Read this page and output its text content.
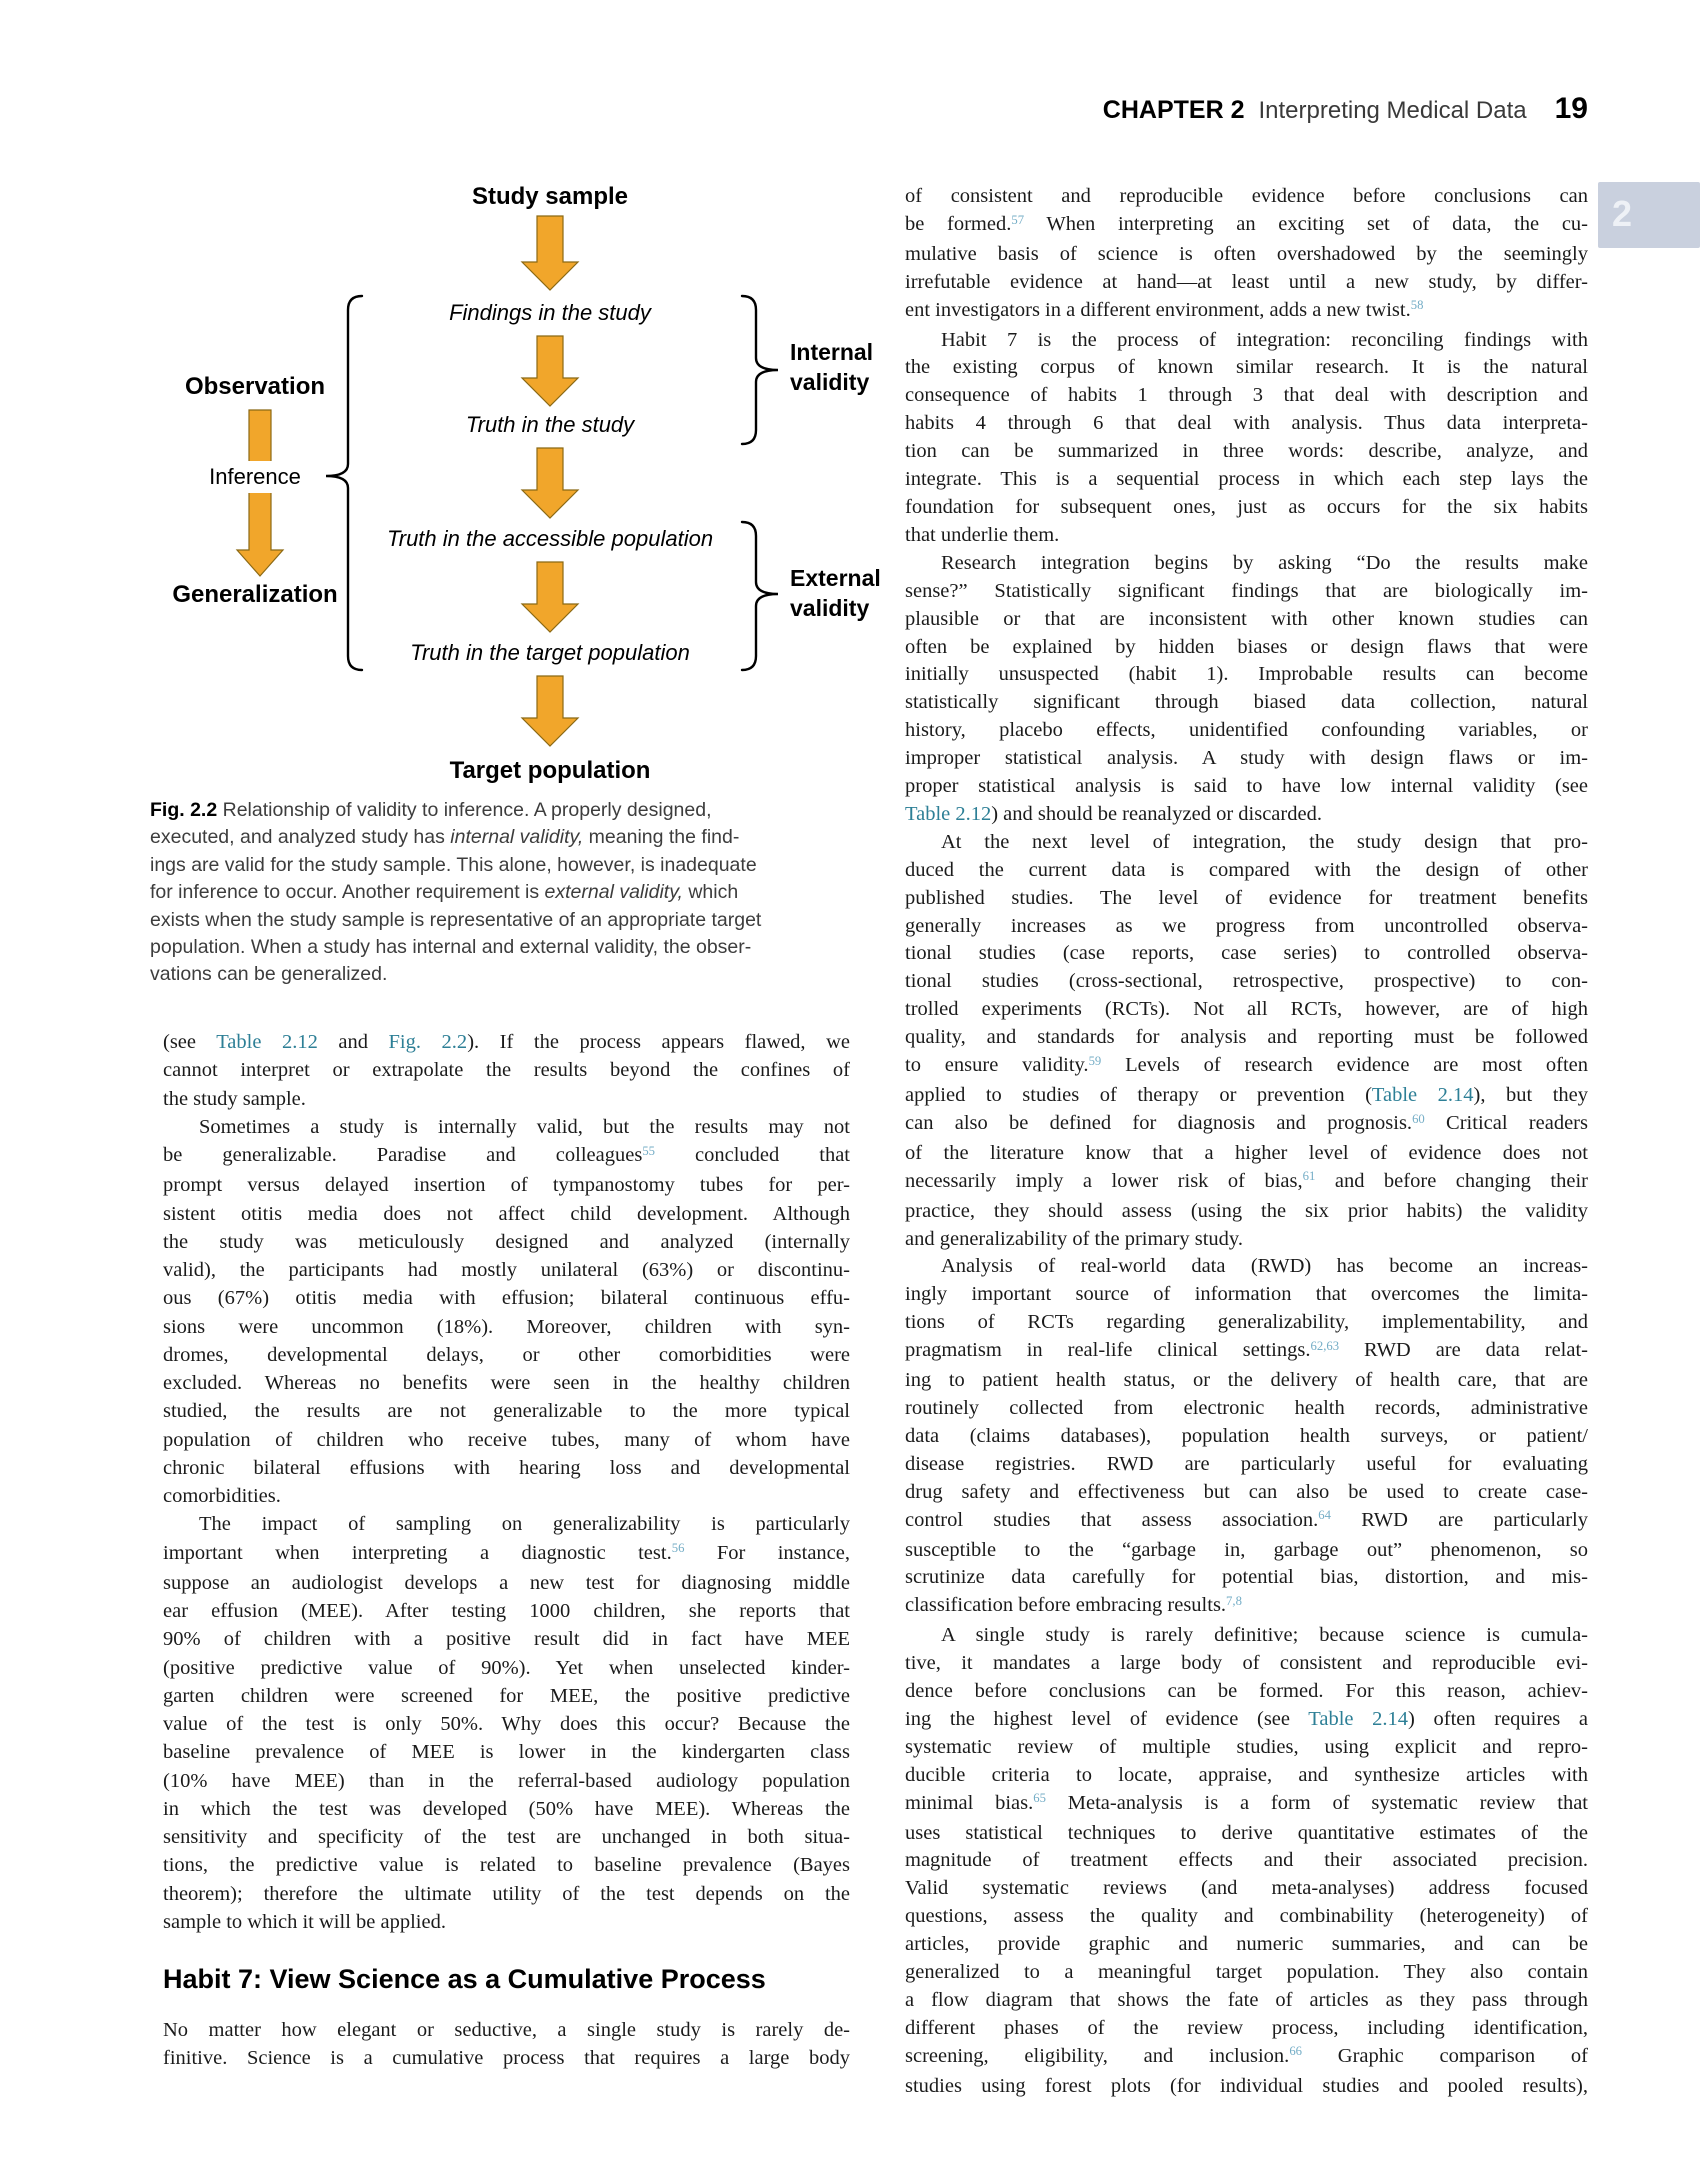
CHAPTER 2 Interpreting Medical Data 19
2
Study sample
Findings in the study
Truth in the study
Truth in the accessible population
Truth in the target population
Target population
Observation
Inference
Generalization
Internal
validity
External
validity
Fig. 2.2 Relationship of validity to inference. A properly designed,
executed, and analyzed study has internal validity, meaning the find-
ings are valid for the study sample. This alone, however, is inadequate
for inference to occur. Another requirement is external validity, which
exists when the study sample is representative of an appropriate target
population. When a study has internal and external validity, the obser-
vations can be generalized.
(see Table 2.12 and Fig. 2.2). If the process appears flawed, we
cannot interpret or extrapolate the results beyond the confines of
the study sample.
Sometimes a study is internally valid, but the results may not
be generalizable. Paradise and colleagues$^{55}$ concluded that
prompt versus delayed insertion of tympanostomy tubes for per-
sistent otitis media does not affect child development. Although
the study was meticulously designed and analyzed (internally
valid), the participants had mostly unilateral (63%) or discontinu-
ous (67%) otitis media with effusion; bilateral continuous effu-
sions were uncommon (18%). Moreover, children with syn-
dromes, developmental delays, or other comorbidities were
excluded. Whereas no benefits were seen in the healthy children
studied, the results are not generalizable to the more typical
population of children who receive tubes, many of whom have
chronic bilateral effusions with hearing loss and developmental
comorbidities.
The impact of sampling on generalizability is particularly
important when interpreting a diagnostic test.$^{56}$ For instance,
suppose an audiologist develops a new test for diagnosing middle
ear effusion (MEE). After testing 1000 children, she reports that
90% of children with a positive result did in fact have MEE
(positive predictive value of 90%). Yet when unselected kinder-
garten children were screened for MEE, the positive predictive
value of the test is only 50%. Why does this occur? Because the
baseline prevalence of MEE is lower in the kindergarten class
(10% have MEE) than in the referral-based audiology population
in which the test was developed (50% have MEE). Whereas the
sensitivity and specificity of the test are unchanged in both situa-
tions, the predictive value is related to baseline prevalence (Bayes
theorem); therefore the ultimate utility of the test depends on the
sample to which it will be applied.
Habit 7: View Science as a Cumulative Process
No matter how elegant or seductive, a single study is rarely de-
finitive. Science is a cumulative process that requires a large body
of consistent and reproducible evidence before conclusions can
be formed.$^{57}$ When interpreting an exciting set of data, the cu-
mulative basis of science is often overshadowed by the seemingly
irrefutable evidence at hand—at least until a new study, by differ-
ent investigators in a different environment, adds a new twist.$^{58}$
Habit 7 is the process of integration: reconciling findings with
the existing corpus of known similar research. It is the natural
consequence of habits 1 through 3 that deal with description and
habits 4 through 6 that deal with analysis. Thus data interpreta-
tion can be summarized in three words: describe, analyze, and
integrate. This is a sequential process in which each step lays the
foundation for subsequent ones, just as occurs for the six habits
that underlie them.
Research integration begins by asking “Do the results make
sense?” Statistically significant findings that are biologically im-
plausible or that are inconsistent with other known studies can
often be explained by hidden biases or design flaws that were
initially unsuspected (habit 1). Improbable results can become
statistically significant through biased data collection, natural
history, placebo effects, unidentified confounding variables, or
improper statistical analysis. A study with design flaws or im-
proper statistical analysis is said to have low internal validity (see
Table 2.12) and should be reanalyzed or discarded.
At the next level of integration, the study design that pro-
duced the current data is compared with the design of other
published studies. The level of evidence for treatment benefits
generally increases as we progress from uncontrolled observa-
tional studies (case reports, case series) to controlled observa-
tional studies (cross-sectional, retrospective, prospective) to con-
trolled experiments (RCTs). Not all RCTs, however, are of high
quality, and standards for analysis and reporting must be followed
to ensure validity.$^{59}$ Levels of research evidence are most often
applied to studies of therapy or prevention (Table 2.14), but they
can also be defined for diagnosis and prognosis.$^{60}$ Critical readers
of the literature know that a higher level of evidence does not
necessarily imply a lower risk of bias,$^{61}$ and before changing their
practice, they should assess (using the six prior habits) the validity
and generalizability of the primary study.
Analysis of real-world data (RWD) has become an increas-
ingly important source of information that overcomes the limita-
tions of RCTs regarding generalizability, implementability, and
pragmatism in real-life clinical settings.$^{62,63}$ RWD are data relat-
ing to patient health status, or the delivery of health care, that are
routinely collected from electronic health records, administrative
data (claims databases), population health surveys, or patient/
disease registries. RWD are particularly useful for evaluating
drug safety and effectiveness but can also be used to create case-
control studies that assess association.$^{64}$ RWD are particularly
susceptible to the “garbage in, garbage out” phenomenon, so
scrutinize data carefully for potential bias, distortion, and mis-
classification before embracing results.$^{7,8}$
A single study is rarely definitive; because science is cumula-
tive, it mandates a large body of consistent and reproducible evi-
dence before conclusions can be formed. For this reason, achiev-
ing the highest level of evidence (see Table 2.14) often requires a
systematic review of multiple studies, using explicit and repro-
ducible criteria to locate, appraise, and synthesize articles with
minimal bias.$^{65}$ Meta-analysis is a form of systematic review that
uses statistical techniques to derive quantitative estimates of the
magnitude of treatment effects and their associated precision.
Valid systematic reviews (and meta-analyses) address focused
questions, assess the quality and combinability (heterogeneity) of
articles, provide graphic and numeric summaries, and can be
generalized to a meaningful target population. They also contain
a flow diagram that shows the fate of articles as they pass through
different phases of the review process, including identification,
screening, eligibility, and inclusion.$^{66}$ Graphic comparison of
studies using forest plots (for individual studies and pooled results),
